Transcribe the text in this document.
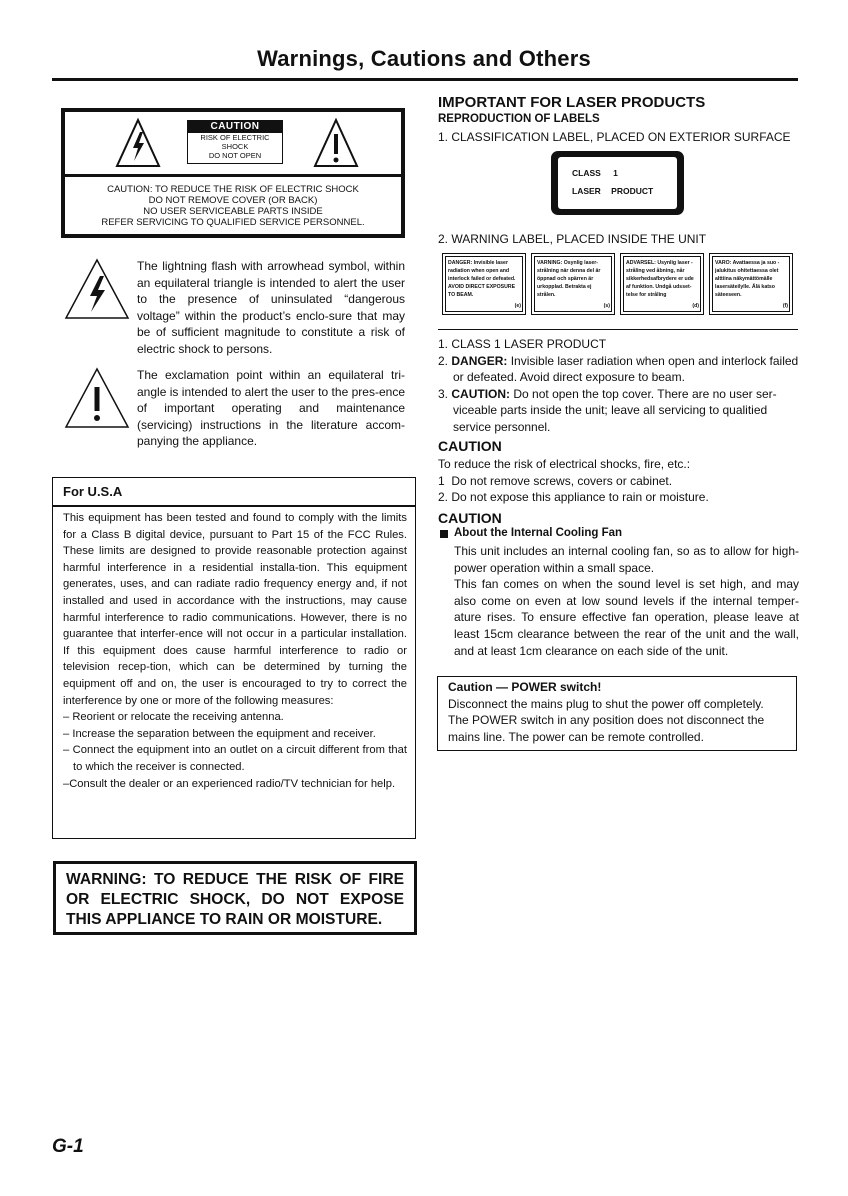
Warnings, Cautions and Others
CAUTION
RISK OF ELECTRIC
SHOCK
DO NOT OPEN
CAUTION: TO REDUCE THE RISK OF ELECTRIC SHOCK
DO NOT REMOVE COVER (OR BACK)
NO USER SERVICEABLE PARTS INSIDE
REFER SERVICING TO QUALIFIED SERVICE PERSONNEL.
The lightning flash with arrowhead symbol, within an equilateral triangle is intended to alert the user to the presence of uninsulated “dangerous voltage” within the product’s enclo-sure that may be of sufficient magnitude to constitute a risk of electric shock to persons.
The exclamation point within an equilateral tri-angle is intended to alert the user to the pres-ence of important operating and maintenance (servicing) instructions in the literature accom-panying the appliance.
For U.S.A

This equipment has been tested and found to comply with the limits for a Class B digital device, pursuant to Part 15 of the FCC Rules. These limits are designed to provide reasonable protection against harmful interference in a residential installa-tion. This equipment generates, uses, and can radiate radio frequency energy and, if not installed and used in accordance with the instructions, may cause harmful interference to radio communications. However, there is no guarantee that interfer-ence will not occur in a particular installation. If this equipment does cause harmful interference to radio or television recep-tion, which can be determined by turning the equipment off and on, the user is encouraged to try to correct the interference by one or more of the following measures:

– Reorient or relocate the receiving antenna.

– Increase the separation between the equipment and receiver.

– Connect the equipment into an outlet on a circuit different from that to which the receiver is connected.

–Consult the dealer or an experienced radio/TV technician for help.

WARNING: TO REDUCE THE RISK OF FIRE OR ELECTRIC SHOCK, DO NOT EXPOSE THIS APPLIANCE TO RAIN OR MOISTURE.
IMPORTANT FOR LASER PRODUCTS
REPRODUCTION OF LABELS
1. CLASSIFICATION LABEL, PLACED ON EXTERIOR SURFACE
CLASS 1
LASER PRODUCT
2. WARNING LABEL, PLACED INSIDE THE UNIT
DANGER: Invisible laser radiation when open and interlock failed or defeated. AVOID DIRECT EXPOSURE TO BEAM.
(e)
VARNING: Osynlig laser-strålning när denna del är öppnad och spärren är urkopplad. Betrakta ej strålen.
(s)
ADVARSEL: Usynlig laser -stråling ved åbning, når sikkerhedsafbrydere er ude af funktion. Undgå udsset-telse for stråling
(d)
VARO: Avattaessa ja suo -jalukitus ohitettaessa olet alttiina näkymättömälle lasersäteilylle. Älä katso säteeseen.
(f)
1. CLASS 1 LASER PRODUCT
2. DANGER: Invisible laser radiation when open and interlock failed or defeated. Avoid direct exposure to beam.
3. CAUTION: Do not open the top cover. There are no user ser-viceable parts inside the unit; leave all servicing to qualitied service personnel.
CAUTION
To reduce the risk of electrical shocks, fire, etc.:
1  Do not remove screws, covers or cabinet.
2. Do not expose this appliance to rain or moisture.
CAUTION
About the Internal Cooling Fan

This unit includes an internal cooling fan, so as to allow for high-power operation within a small space.

This fan comes on when the sound level is set high, and may also come on even at low sound levels if the internal temper-ature rises. To ensure effective fan operation, please leave at least 15cm clearance between the rear of the unit and the wall, and at least 1cm clearance on each side of the unit.

Caution — POWER switch!
Disconnect the mains plug to shut the power off completely. The POWER switch in any position does not disconnect the mains line. The power can be remote controlled.
G-1
